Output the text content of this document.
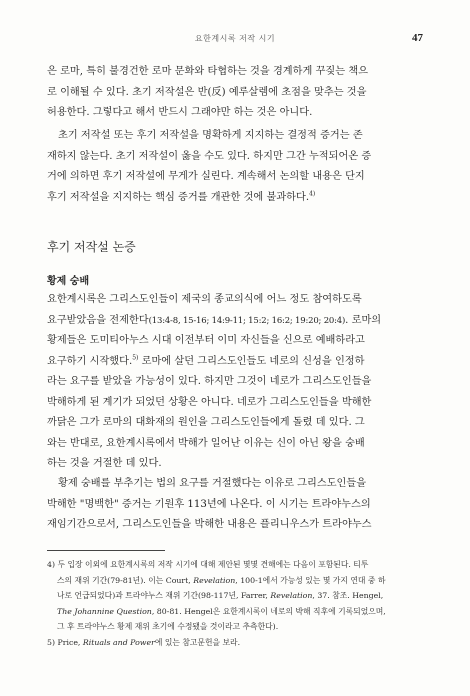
요한계시록 저작 시기	47
은 로마, 특히 불경건한 로마 문화와 타협하는 것을 경계하게 꾸짖는 책으
로 이해될 수 있다. 초기 저작설은 반(反) 예루살렘에 초점을 맞추는 것을
허용한다. 그렇다고 해서 반드시 그래야만 하는 것은 아니다.
초기 저작설 또는 후기 저작설을 명확하게 지지하는 결정적 증거는 존
재하지 않는다. 초기 저작설이 옳을 수도 있다. 하지만 그간 누적되어온 증
거에 의하면 후기 저작설에 무게가 실린다. 계속해서 논의할 내용은 단지
후기 저작설을 지지하는 핵심 증거를 개관한 것에 불과하다.$^{4)}$
후기 저작설 논증
황제 숭배
요한계시록은 그리스도인들이 제국의 종교의식에 어느 정도 참여하도록
요구받았음을 전제한다(13:4-8, 15-16; 14:9-11; 15:2; 16:2; 19:20; 20:4). 로마의
황제들은 도미티아누스 시대 이전부터 이미 자신들을 신으로 예배하라고
요구하기 시작했다.$^{5)}$ 로마에 살던 그리스도인들도 네로의 신성을 인정하
라는 요구를 받았을 가능성이 있다. 하지만 그것이 네로가 그리스도인들을
박해하게 된 계기가 되었던 상황은 아니다. 네로가 그리스도인들을 박해한
까닭은 그가 로마의 대화재의 원인을 그리스도인들에게 돌렸 데 있다. 그
와는 반대로, 요한계시록에서 박해가 일어난 이유는 신이 아닌 왕을 숭배
하는 것을 거절한 데 있다.
황제 숭배를 부추기는 법의 요구를 거절했다는 이유로 그리스도인들을
박해한 "명백한" 증거는 기원후 113년에 나온다. 이 시기는 트라야누스의
재임기간으로서, 그리스도인들을 박해한 내용은 플리니우스가 트라야누스
4) 두 입장 이외에 요한계시록의 저작 시기에 대해 제안된 몇몇 견해에는 다음이 포함된다. 티투
스의 재위 기간(79-81년). 이는 Court, Revelation, 100-1에서 가능성 있는 몇 가지 연대 중 하
나로 언급되었다)과 트라야누스 재위 기간(98-117년, Farrer, Revelation, 37. 참조. Hengel,
The Johannine Question, 80-81. Hengel은 요한계시록이 네로의 박해 직후에 기록되었으며,
그 후 트라야누스 황제 재위 초기에 수정됐을 것이라고 추측한다).
5) Price, Rituals and Power에 있는 참고문헌을 보라.
